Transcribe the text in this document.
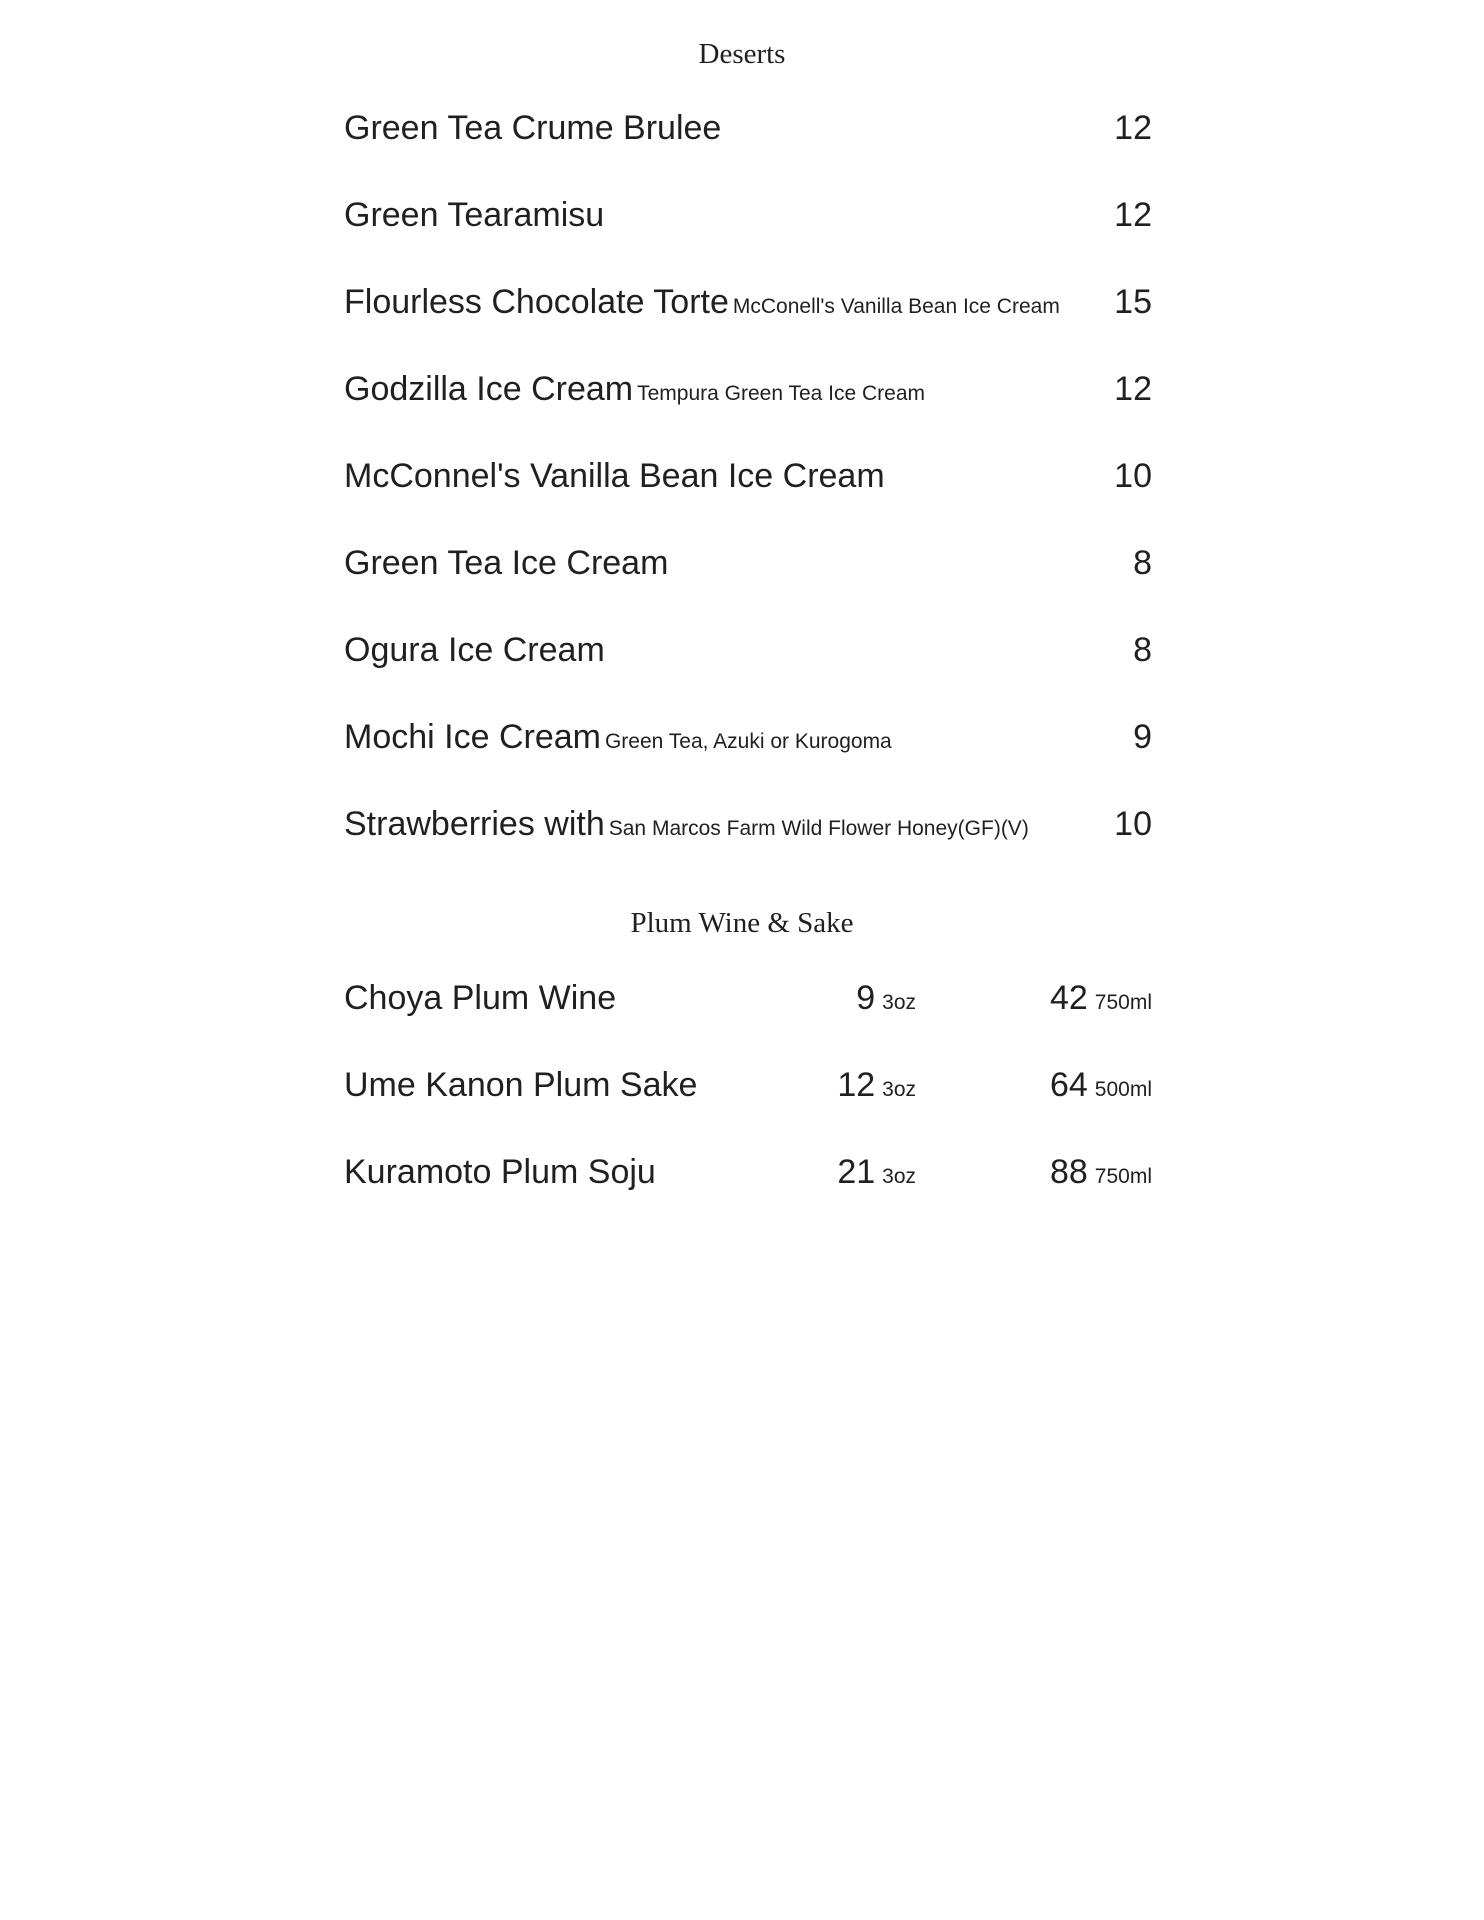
Deserts
Green Tea Crume Brulee	12
Green Tearamisu	12
Flourless Chocolate Torte McConell's Vanilla Bean Ice Cream 15
Godzilla Ice Cream Tempura Green Tea Ice Cream	12
McConnel's Vanilla Bean Ice Cream	10
Green Tea Ice Cream	8
Ogura Ice Cream	8
Mochi Ice Cream Green Tea, Azuki or Kurogoma	9
Strawberries with San Marcos Farm Wild Flower Honey(GF)(V)	10
Plum Wine & Sake
Choya Plum Wine	9 3oz	42 750ml
Ume Kanon Plum Sake	12 3oz	64 500ml
Kuramoto Plum Soju	21 3oz	88 750ml
